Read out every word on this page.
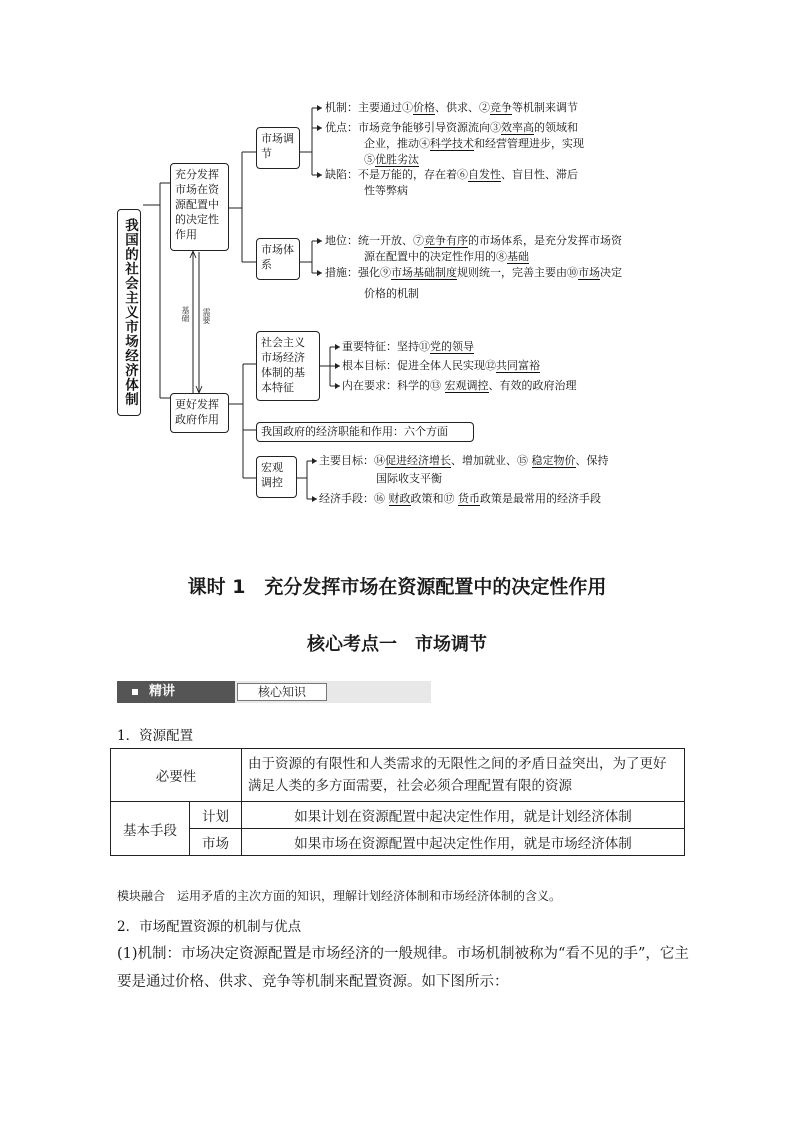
我国的社会主义市场经济体制
充分发挥市场在资源配置中的决定性作用
更好发挥政府作用
基础 需要
市场调节
市场体系
社会主义市场经济体制的基本特征
我国政府的经济职能和作用：六个方面
宏观调控
机制：主要通过①价格、供求、②竞争等机制来调节
优点：市场竞争能够引导资源流向③效率高的领域和
企业，推动④科学技术和经营管理进步，实现
⑤优胜劣汰
缺陷：不是万能的，存在着⑥自发性、盲目性、滞后
性等弊病
地位：统一开放、⑦竞争有序的市场体系，是充分发挥市场资
源在配置中的决定性作用的⑧基础
措施：强化⑨市场基础制度规则统一，完善主要由⑩市场决定
价格的机制
重要特征：坚持⑪党的领导
根本目标：促进全体人民实现⑫共同富裕
内在要求：科学的⑬ 宏观调控、有效的政府治理
主要目标：⑭促进经济增长、增加就业、⑮ 稳定物价、保持
国际收支平衡
经济手段：⑯ 财政政策和⑰ 货币政策是最常用的经济手段
课时 1　充分发挥市场在资源配置中的决定性作用
核心考点一　市场调节
精讲	核心知识
1．资源配置
必要性		由于资源的有限性和人类需求的无限性之间的矛盾日益突出，为了更好满足人类的多方面需要，社会必须合理配置有限的资源
基本手段	计划	如果计划在资源配置中起决定性作用，就是计划经济体制
	市场	如果市场在资源配置中起决定性作用，就是市场经济体制
模块融合 运用矛盾的主次方面的知识，理解计划经济体制和市场经济体制的含义。
2．市场配置资源的机制与优点
(1)机制：市场决定资源配置是市场经济的一般规律。市场机制被称为“看不见的手”，它主要是通过价格、供求、竞争等机制来配置资源。如下图所示：
